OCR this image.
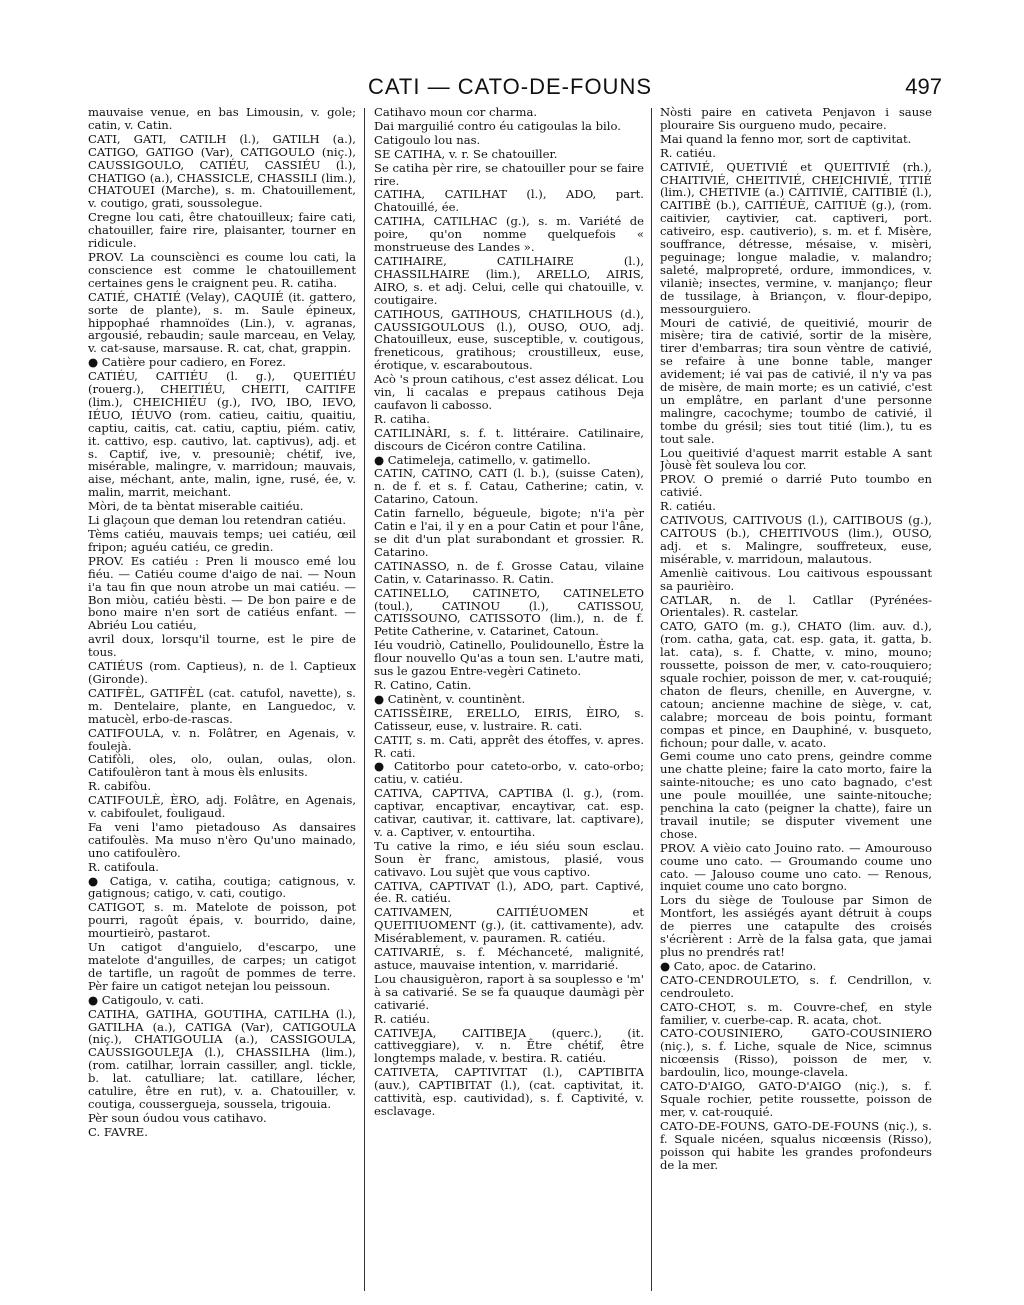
CATI — CATO-DE-FOUNS	497

mauvaise venue, en bas Limousin, v. gole; catin, v. Catin.

CATI, GATI, CATILH (l.), GATILH (a.), CATIGO, GATIGO (Var), CATIGOULO (niç.), CAUSSIGOULO, CATIÉU, CASSIÉU (l.), CHATIGO (a.), CHASSICLE, CHASSILI (lim.), CHATOUEI (Marche), s. m. Chatouillement, v. coutigo, grati, soussolegue.

Cregne lou cati, être chatouilleux; faire cati, chatouiller, faire rire, plaisanter, tourner en ridicule.

PROV. La counsciènci es coume lou cati, la conscience est comme le chatouillement certaines gens le craignent peu. R. catiha.

CATIÉ, CHATIÉ (Velay), CAQUIÉ (it. gattero, sorte de plante), s. m. Saule épineux, hippophaé rhamnoïdes (Lin.), v. agranas, argousié, rebaudin; saule marceau, en Velay, v. cat-sause, marsause. R. cat, chat, grappin.

● Catière pour cadiero, en Forez.

CATIÉU, CAITIÉU (l. g.), QUEITIÉU (rouerg.), CHEITIÉU, CHEITI, CAITIFE (lim.), CHEICHIÉU (g.), IVO, IBO, IEVO, IÉUO, IÉUVO (rom. catieu, caitiu, quaitiu, captiu, caitis, cat. catiu, captiu, piém. cativ, it. cattivo, esp. cautivo, lat. captivus), adj. et s. Captif, ive, v. presouniè; chétif, ive, misérable, malingre, v. marridoun; mauvais, aise, méchant, ante, malin, igne, rusé, ée, v. malin, marrit, meichant.

Mòri, de ta bèntat miserable caitiéu.

Li glaçoun que deman lou retendran catiéu.

Tèms catiéu, mauvais temps; uei catiéu, œil fripon; aguéu catiéu, ce gredin.

PROV. Es catiéu : Pren li mousco emé lou fiéu. — Catiéu coume d'aigo de nai. — Noun i'a tau fin que noun atrobe un mai catiéu. — Bon miòu, catiéu bèsti. — De bon paire e de bono maire n'en sort de catiéus enfant. — Abriéu Lou catiéu,

avril doux, lorsqu'il tourne, est le pire de tous.

CATIÉUS (rom. Captieus), n. de l. Captieux (Gironde).

CATIFÈL, GATIFÈL (cat. catufol, navette), s. m. Dentelaire, plante, en Languedoc, v. matucèl, erbo-de-rascas.

CATIFOULA, v. n. Folâtrer, en Agenais, v. foulejà.

Catifòli, oles, olo, oulan, oulas, olon. Catifoulèron tant à mous èls enlusits.

R. cabifòu.

CATIFOULÈ, ÈRO, adj. Folâtre, en Agenais, v. cabifoulet, fouligaud.

Fa veni l'amo pietadouso As dansaires catifoulès. Ma muso n'èro Qu'uno mainado, uno catifoulèro.

R. catifoula.

● Catiga, v. catiha, coutiga; catignous, v. gatignous; catigo, v. cati, coutigo.

CATIGOT, s. m. Matelote de poisson, pot pourri, ragoût épais, v. bourrido, daine, mourtieirò, pastarot.

Un catigot d'anguielo, d'escarpo, une matelote d'anguilles, de carpes; un catigot de tartifle, un ragoût de pommes de terre. Pèr faire un catigot netejan lou peissoun.

● Catigoulo, v. cati.

CATIHA, GATIHA, GOUTIHA, CATILHA (l.), GATILHA (a.), CATIGA (Var), CATIGOULA (niç.), CHATIGOULIA (a.), CASSIGOULA, CAUSSIGOULEJA (l.), CHASSILHA (lim.), (rom. catilhar, lorrain cassiller, angl. tickle, b. lat. catulliare; lat. catillare, lécher, catulire, être en rut), v. a. Chatouiller, v. coutiga, coussergueja, soussela, trigouia.

Pèr soun óudou vous catihavo.

C. FAVRE.

Catihavo moun cor charma.

Dai marguilié contro éu catigoulas la bilo.

Catigoulo lou nas.

SE CATIHA, v. r. Se chatouiller.

Se catiha pèr rire, se chatouiller pour se faire rire.

CATIHA, CATILHAT (l.), ADO, part. Chatouillé, ée.

CATIHA, CATILHAC (g.), s. m. Variété de poire, qu'on nomme quelquefois « monstrueuse des Landes ».

CATIHAIRE, CATILHAIRE (l.), CHASSILHAIRE (lim.), ARELLO, AIRIS, AIRO, s. et adj. Celui, celle qui chatouille, v. coutigaire.

CATIHOUS, GATIHOUS, CHATILHOUS (d.), CAUSSIGOULOUS (l.), OUSO, OUO, adj. Chatouilleux, euse, susceptible, v. coutigous, freneticous, gratihous; croustilleux, euse, érotique, v. escaraboutous.

Acò 's proun catihous, c'est assez délicat. Lou vin, li cacalas e prepaus catihous Deja caufavon li cabosso.

R. catiha.

CATILINÀRI, s. f. t. littéraire. Catilinaire, discours de Cicéron contre Catilina.

● Catimeleja, catimello, v. gatimello.

CATIN, CATINO, CATI (l. b.), (suisse Caten), n. de f. et s. f. Catau, Catherine; catin, v. Catarino, Catoun.

Catin farnello, bégueule, bigote; n'i'a pèr Catin e l'ai, il y en a pour Catin et pour l'âne, se dit d'un plat surabondant et grossier. R. Catarino.

CATINASSO, n. de f. Grosse Catau, vilaine Catin, v. Catarinasso. R. Catin.

CATINELLO, CATINETO, CATINELETO (toul.), CATINOU (l.), CATISSOU, CATISSOUNO, CATISSOTO (lim.), n. de f. Petite Catherine, v. Catarinet, Catoun.

Iéu voudriò, Catinello, Poulidounello, Èstre la flour nouvello Qu'as a toun sen. L'autre mati, sus le gazou Entre-vegèri Catineto.

R. Catino, Catin.

● Catinènt, v. countinènt.

CATISSÈIRE, ERELLO, EIRIS, ÈIRO, s. Catisseur, euse, v. lustraire. R. cati.

CATIT, s. m. Cati, apprêt des étoffes, v. apres. R. cati.

● Catitorbo pour cateto-orbo, v. cato-orbo; catiu, v. catiéu.

CATIVA, CAPTIVA, CAPTIBA (l. g.), (rom. captivar, encaptivar, encaytivar, cat. esp. cativar, cautivar, it. cattivare, lat. captivare), v. a. Captiver, v. entourtiha.

Tu cative la rimo, e iéu siéu soun esclau. Soun èr franc, amistous, plasié, vous cativavo. Lou sujèt que vous captivo.

CATIVA, CAPTIVAT (l.), ADO, part. Captivé, ée. R. catiéu.

CATIVAMEN, CAITIÉUOMEN et QUEITIUOMENT (g.), (it. cattivamente), adv. Misérablement, v. pauramen. R. catiéu.

CATIVARIÉ, s. f. Méchanceté, malignité, astuce, mauvaise intention, v. marridarié.

Lou chausiguèron, raport à sa souplesso e 'm' à sa cativarié. Se se fa quauque daumàgi pèr cativarié.

R. catiéu.

CATIVEJA, CAITIBEJA (querc.), (it. cattiveggiare), v. n. Être chétif, être longtemps malade, v. bestira. R. catiéu.

CATIVETA, CAPTIVITAT (l.), CAPTIBITA (auv.), CAPTIBITAT (l.), (cat. captivitat, it. cattività, esp. cautividad), s. f. Captivité, v. esclavage.

Nòsti paire en cativeta Penjavon i sause plouraire Sis ourgueno mudo, pecaire.

Mai quand la fenno mor, sort de captivitat.

R. catiéu.

CATIVIÉ, QUETIVIÉ et QUEITIVIÉ (rh.), CHAITIVIÉ, CHEITIVIÉ, CHEICHIVIÉ, TITIÉ (lim.), CHETIVIE (a.) CAITIVIÉ, CAITIBIÉ (l.), CAITIBÈ (b.), CAITIÉUÈ, CAITIUÈ (g.), (rom. caitivier, caytivier, cat. captiveri, port. cativeiro, esp. cautiverio), s. m. et f. Misère, souffrance, détresse, mésaise, v. misèri, peguinage; longue maladie, v. malandro; saleté, malpropreté, ordure, immondices, v. vilaniè; insectes, vermine, v. manjanço; fleur de tussilage, à Briançon, v. flour-depipo, messourguiero.

Mouri de cativié, de queitivié, mourir de misère; tira de cativié, sortir de la misère, tirer d'embarras; tira soun vèntre de cativié, se refaire à une bonne table, manger avidement; ié vai pas de cativié, il n'y va pas de misère, de main morte; es un cativié, c'est un emplâtre, en parlant d'une personne malingre, cacochyme; toumbo de cativié, il tombe du grésil; sies tout titié (lim.), tu es tout sale.

Lou queitivié d'aquest marrit estable A sant Jòusè fèt souleva lou cor.

PROV. O premié o darrié Puto toumbo en cativié.

R. catiéu.

CATIVOUS, CAITIVOUS (l.), CAITIBOUS (g.), CAITOUS (b.), CHEITIVOUS (lim.), OUSO, adj. et s. Malingre, souffreteux, euse, misérable, v. marridoun, malautous.

Amenliè caitivous. Lou caitivous espoussant sa paurièiro.

CATLAR, n. de l. Catllar (Pyrénées-Orientales). R. castelar.

CATO, GATO (m. g.), CHATO (lim. auv. d.), (rom. catha, gata, cat. esp. gata, it. gatta, b. lat. cata), s. f. Chatte, v. mino, mouno; roussette, poisson de mer, v. cato-rouquiero; squale rochier, poisson de mer, v. cat-rouquié; chaton de fleurs, chenille, en Auvergne, v. catoun; ancienne machine de siège, v. cat, calabre; morceau de bois pointu, formant compas et pince, en Dauphiné, v. busqueto, fichoun; pour dalle, v. acato.

Gemi coume uno cato prens, geindre comme une chatte pleine; faire la cato morto, faire la sainte-nitouche; es uno cato bagnado, c'est une poule mouillée, une sainte-nitouche; penchina la cato (peigner la chatte), faire un travail inutile; se disputer vivement une chose.

PROV. A vièio cato Jouino rato. — Amourouso coume uno cato. — Groumando coume uno cato. — Jalouso coume uno cato. — Renous, inquiet coume uno cato borgno.

Lors du siège de Toulouse par Simon de Montfort, les assiégés ayant détruit à coups de pierres une catapulte des croisés s'écrièrent : Arrè de la falsa gata, que jamai plus no prendrés rat!

● Cato, apoc. de Catarino.

CATO-CENDROULETO, s. f. Cendrillon, v. cendrouleto.

CATO-CHOT, s. m. Couvre-chef, en style familier, v. cuerbe-cap. R. acata, chot.

CATO-COUSINIERO, GATO-COUSINIERO (niç.), s. f. Liche, squale de Nice, scimnus nicœensis (Risso), poisson de mer, v. bardoulin, lico, mounge-clavela.

CATO-D'AIGO, GATO-D'AIGO (niç.), s. f. Squale rochier, petite roussette, poisson de mer, v. cat-rouquié.

CATO-DE-FOUNS, GATO-DE-FOUNS (niç.), s. f. Squale nicéen, squalus nicœensis (Risso), poisson qui habite les grandes profondeurs de la mer.
